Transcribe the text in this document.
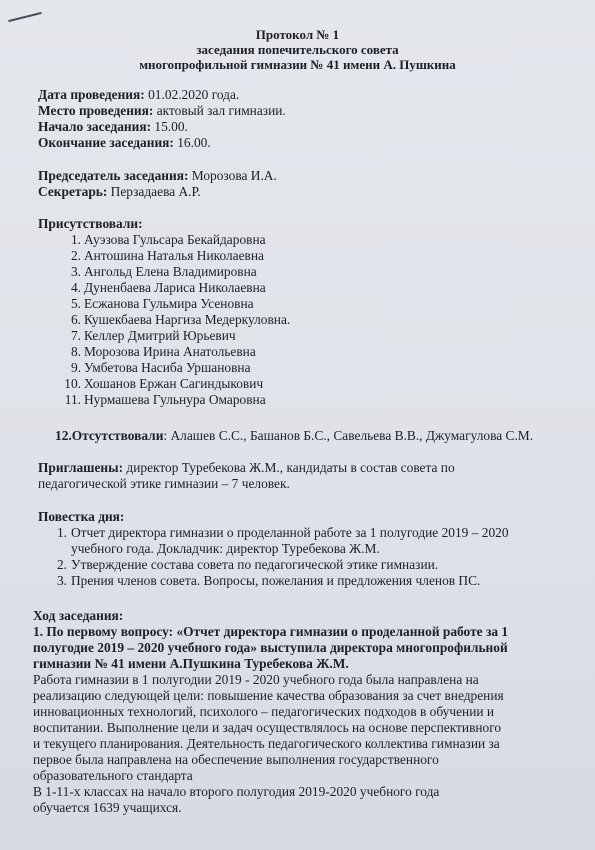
Протокол № 1
заседания попечительского совета
многопрофильной гимназии № 41 имени А. Пушкина
Дата проведения: 01.02.2020 года.
Место проведения: актовый зал гимназии.
Начало заседания: 15.00.
Окончание заседания: 16.00.
Председатель заседания: Морозова И.А.
Секретарь: Перзадаева А.Р.
Присутствовали:
1. Ауэзова Гульсара Бекайдаровна
2. Антошина Наталья Николаевна
3. Ангольд Елена Владимировна
4. Дуненбаева Лариса Николаевна
5. Есжанова Гульмира Усеновна
6. Кушекбаева Наргиза Медеркуловна.
7. Келлер Дмитрий Юрьевич
8. Морозова Ирина Анатольевна
9. Умбетова Насиба Уршановна
10. Хошанов Ержан Сагиндыкович
11. Нурмашева Гульнура Омаровна
12.Отсутствовали: Алашев С.С., Башанов Б.С., Савельева В.В., Джумагулова С.М.
Приглашены: директор Туребекова Ж.М., кандидаты в состав совета по
педагогической этике гимназии – 7 человек.
Повестка дня:
1. Отчет директора гимназии о проделанной работе за 1 полугодие 2019 – 2020
учебного года. Докладчик: директор Туребекова Ж.М.
2. Утверждение состава совета по педагогической этике гимназии.
3. Прения членов совета. Вопросы, пожелания и предложения членов ПС.
Ход заседания:
1. По первому вопросу: «Отчет директора гимназии о проделанной работе за 1
полугодие 2019 – 2020 учебного года» выступила директора многопрофильной
гимназии № 41 имени А.Пушкина Туребекова Ж.М.
Работа гимназии в 1 полугодии 2019 - 2020 учебного года была направлена на
реализацию следующей цели: повышение качества образования за счет внедрения
инновационных технологий, психолого – педагогических подходов в обучении и
воспитании. Выполнение цели и задач осуществлялось на основе перспективного
и текущего планирования. Деятельность педагогического коллектива гимназии за
первое была направлена на обеспечение выполнения государственного
образовательного стандарта
В 1-11-х классах на начало второго полугодия 2019-2020 учебного года
обучается 1639 учащихся.
